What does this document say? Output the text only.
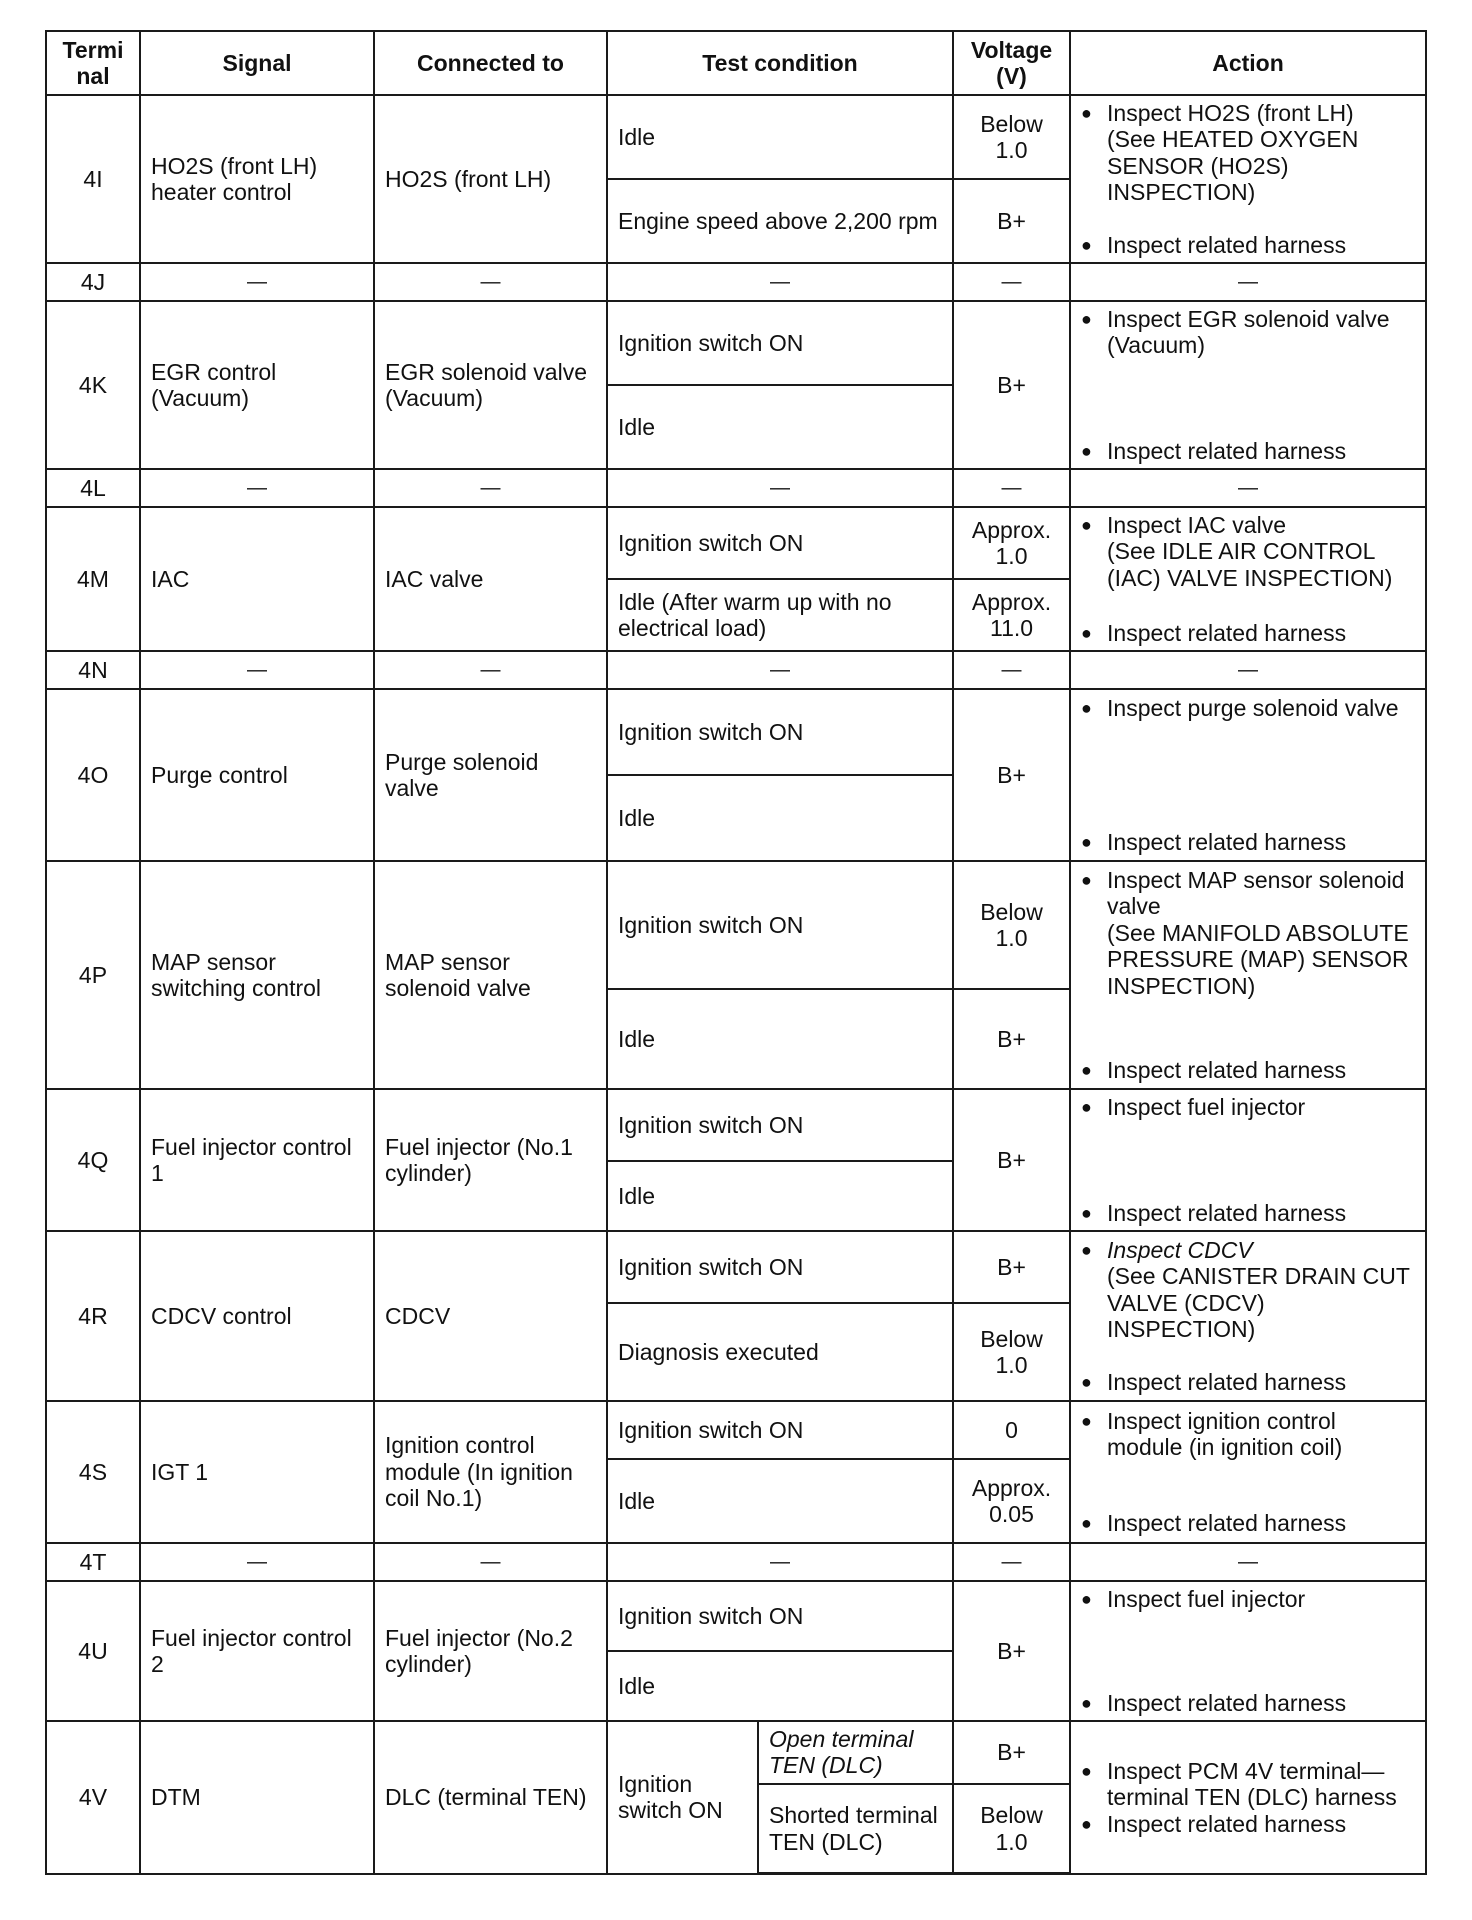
Termi nal	Signal	Connected to	Test condition		Voltage (V)	Action
4I	HO2S (front LH) heater control	HO2S (front LH)	Idle		Below 1.0	● Inspect HO2S (front LH)
(See HEATED OXYGEN SENSOR (HO2S) INSPECTION)
● Inspect related harness

			Engine speed above 2,200 rpm		B+	
4J	—	—	—		—	—
4K	EGR control (Vacuum)	EGR solenoid valve (Vacuum)	Ignition switch ON		B+	● Inspect EGR solenoid valve (Vacuum)
● Inspect related harness

			Idle			
4L	—	—	—		—	—
4M	IAC	IAC valve	Ignition switch ON		Approx. 1.0	● Inspect IAC valve
(See IDLE AIR CONTROL (IAC) VALVE INSPECTION)
● Inspect related harness

			Idle (After warm up with no electrical load)		Approx. 11.0	
4N	—	—	—		—	—
4O	Purge control	Purge solenoid valve	Ignition switch ON		B+	● Inspect purge solenoid valve
● Inspect related harness

			Idle			
4P	MAP sensor switching control	MAP sensor solenoid valve	Ignition switch ON		Below 1.0	● Inspect MAP sensor solenoid valve
(See MANIFOLD ABSOLUTE PRESSURE (MAP) SENSOR INSPECTION)
● Inspect related harness

			Idle		B+	
4Q	Fuel injector control 1	Fuel injector (No.1 cylinder)	Ignition switch ON		B+	● Inspect fuel injector
● Inspect related harness

			Idle			
4R	CDCV control	CDCV	Ignition switch ON		B+	● Inspect CDCV
(See CANISTER DRAIN CUT VALVE (CDCV) INSPECTION)
● Inspect related harness

			Diagnosis executed		Below 1.0	
4S	IGT 1	Ignition control module (In ignition coil No.1)	Ignition switch ON		0	● Inspect ignition control module (in ignition coil)
● Inspect related harness

			Idle		Approx. 0.05	
4T	—	—	—		—	—
4U	Fuel injector control 2	Fuel injector (No.2 cylinder)	Ignition switch ON		B+	● Inspect fuel injector
● Inspect related harness

			Idle			
4V	DTM	DLC (terminal TEN)	Ignition switch ON	Open terminal TEN (DLC)	B+	● Inspect PCM 4V terminal— terminal TEN (DLC) harness
● Inspect related harness

				Shorted terminal TEN (DLC)	Below 1.0	
